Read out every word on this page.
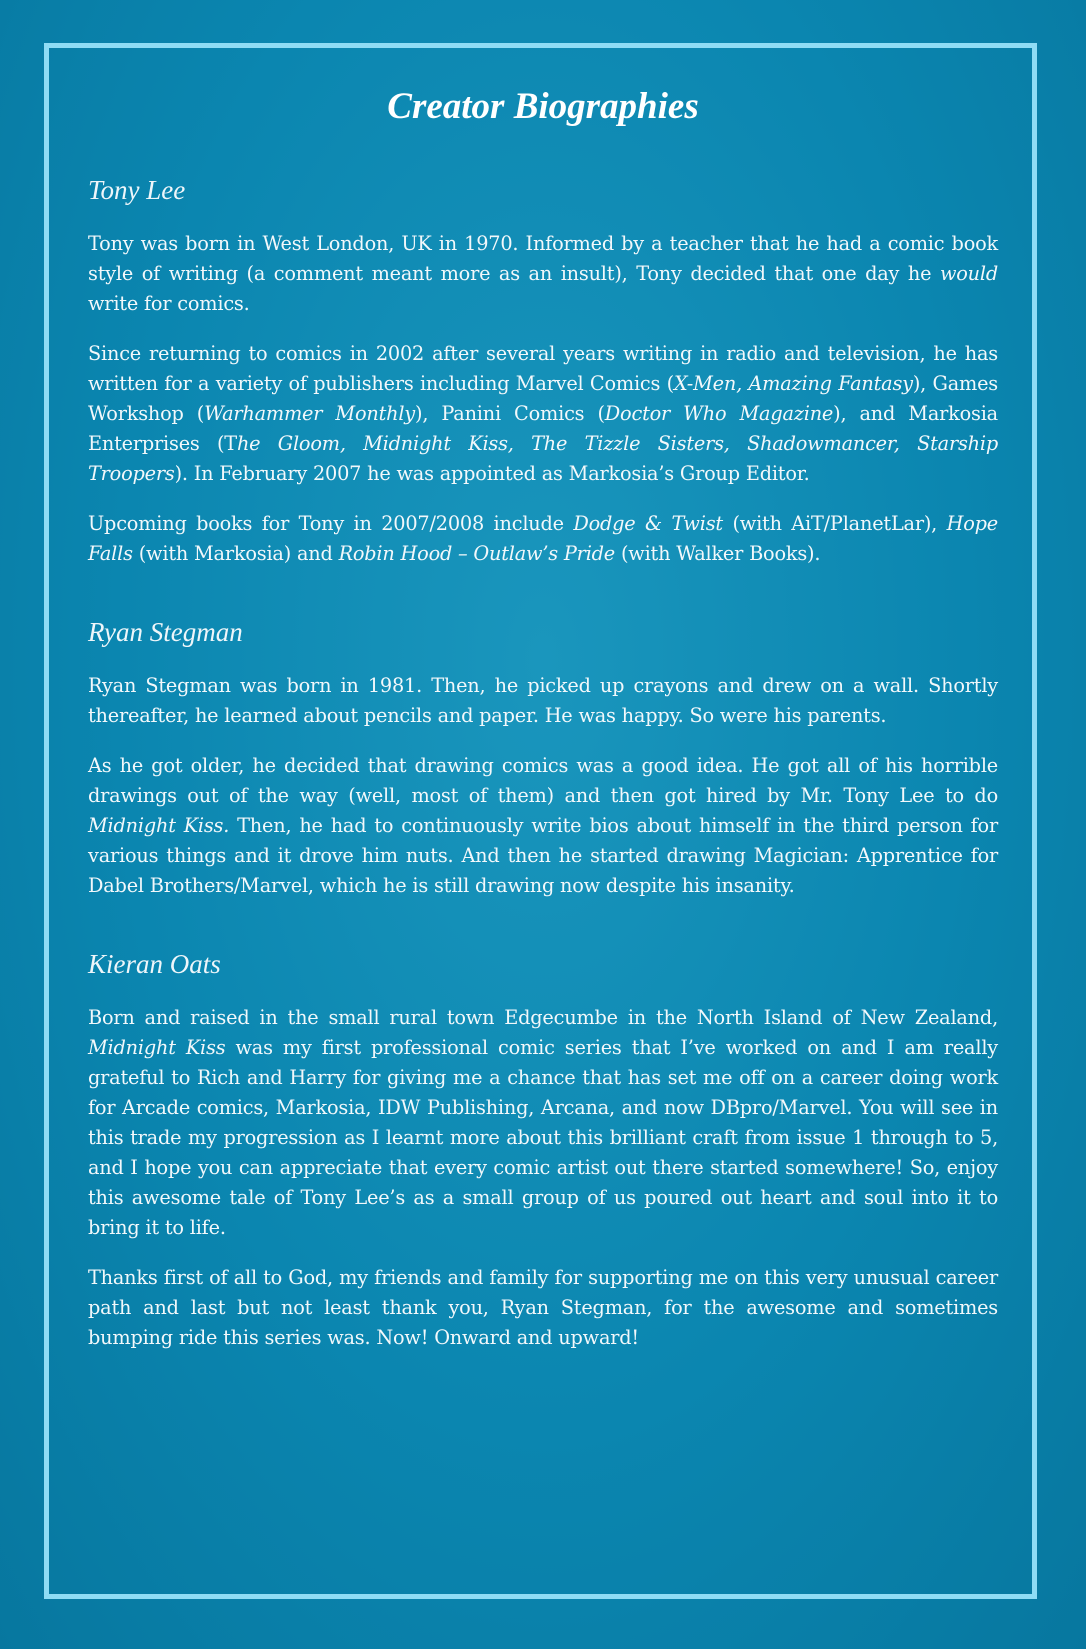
Creator Biographies
Tony Lee

Tony was born in West London, UK in 1970. Informed by a teacher that he had a comic book style of writing (a comment meant more as an insult), Tony decided that one day he would write for comics.

Since returning to comics in 2002 after several years writing in radio and television, he has written for a variety of publishers including Marvel Comics (X-Men, Amazing Fantasy), Games Workshop (Warhammer Monthly), Panini Comics (Doctor Who Magazine), and Markosia Enterprises (The Gloom, Midnight Kiss, The Tizzle Sisters, Shadowmancer, Starship Troopers). In February 2007 he was appointed as Markosia’s Group Editor.

Upcoming books for Tony in 2007/2008 include Dodge & Twist (with AiT/PlanetLar), Hope Falls (with Markosia) and Robin Hood – Outlaw’s Pride (with Walker Books).

Ryan Stegman

Ryan Stegman was born in 1981. Then, he picked up crayons and drew on a wall. Shortly thereafter, he learned about pencils and paper. He was happy. So were his parents.

As he got older, he decided that drawing comics was a good idea. He got all of his horrible drawings out of the way (well, most of them) and then got hired by Mr. Tony Lee to do Midnight Kiss. Then, he had to continuously write bios about himself in the third person for various things and it drove him nuts. And then he started drawing Magician: Apprentice for Dabel Brothers/Marvel, which he is still drawing now despite his insanity.

Kieran Oats

Born and raised in the small rural town Edgecumbe in the North Island of New Zealand, Midnight Kiss was my first professional comic series that I’ve worked on and I am really grateful to Rich and Harry for giving me a chance that has set me off on a career doing work for Arcade comics, Markosia, IDW Publishing, Arcana, and now DBpro/Marvel. You will see in this trade my progression as I learnt more about this brilliant craft from issue 1 through to 5, and I hope you can appreciate that every comic artist out there started somewhere! So, enjoy this awesome tale of Tony Lee’s as a small group of us poured out heart and soul into it to bring it to life.

Thanks first of all to God, my friends and family for supporting me on this very unusual career path and last but not least thank you, Ryan Stegman, for the awesome and sometimes bumping ride this series was. Now! Onward and upward!
